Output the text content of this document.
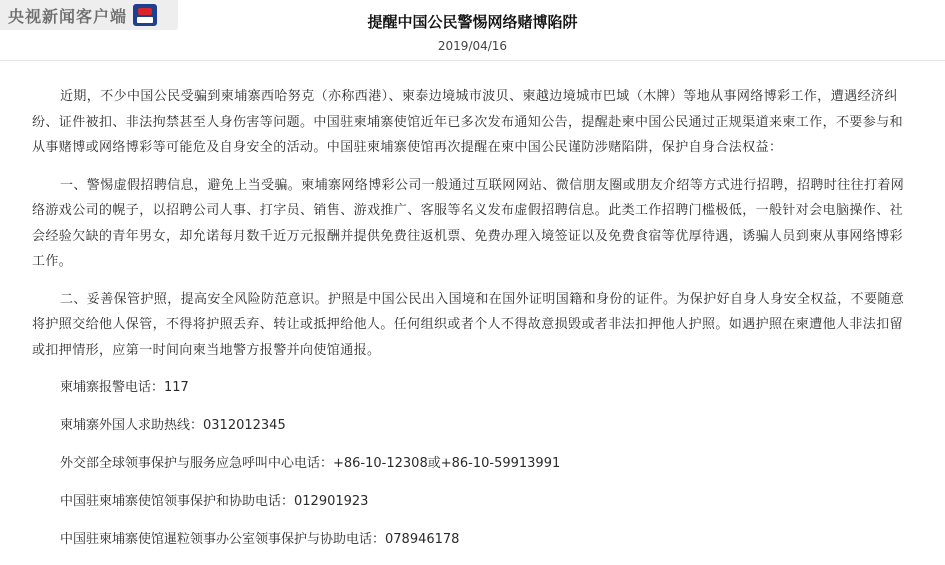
央视新闻客户端	提醒中国公民警惕网络赌博陷阱
2019/04/16

近期，不少中国公民受骗到柬埔寨西哈努克（亦称西港）、柬泰边境城市波贝、柬越边境城市巴域（木牌）等地从事网络博彩工作，遭遇经济纠纷、证件被扣、非法拘禁甚至人身伤害等问题。中国驻柬埔寨使馆近年已多次发布通知公告，提醒赴柬中国公民通过正规渠道来柬工作，不要参与和从事赌博或网络博彩等可能危及自身安全的活动。中国驻柬埔寨使馆再次提醒在柬中国公民谨防涉赌陷阱，保护自身合法权益：

一、警惕虚假招聘信息，避免上当受骗。柬埔寨网络博彩公司一般通过互联网网站、微信朋友圈或朋友介绍等方式进行招聘，招聘时往往打着网络游戏公司的幌子，以招聘公司人事、打字员、销售、游戏推广、客服等名义发布虚假招聘信息。此类工作招聘门槛极低，一般针对会电脑操作、社会经验欠缺的青年男女，却允诺每月数千近万元报酬并提供免费往返机票、免费办理入境签证以及免费食宿等优厚待遇，诱骗人员到柬从事网络博彩工作。

二、妥善保管护照，提高安全风险防范意识。护照是中国公民出入国境和在国外证明国籍和身份的证件。为保护好自身人身安全权益，不要随意将护照交给他人保管，不得将护照丢弃、转让或抵押给他人。任何组织或者个人不得故意损毁或者非法扣押他人护照。如遇护照在柬遭他人非法扣留或扣押情形，应第一时间向柬当地警方报警并向使馆通报。

柬埔寨报警电话：117

柬埔寨外国人求助热线：0312012345

外交部全球领事保护与服务应急呼叫中心电话：+86-10-12308或+86-10-59913991

中国驻柬埔寨使馆领事保护和协助电话：012901923

中国驻柬埔寨使馆暹粒领事办公室领事保护与协助电话：078946178
